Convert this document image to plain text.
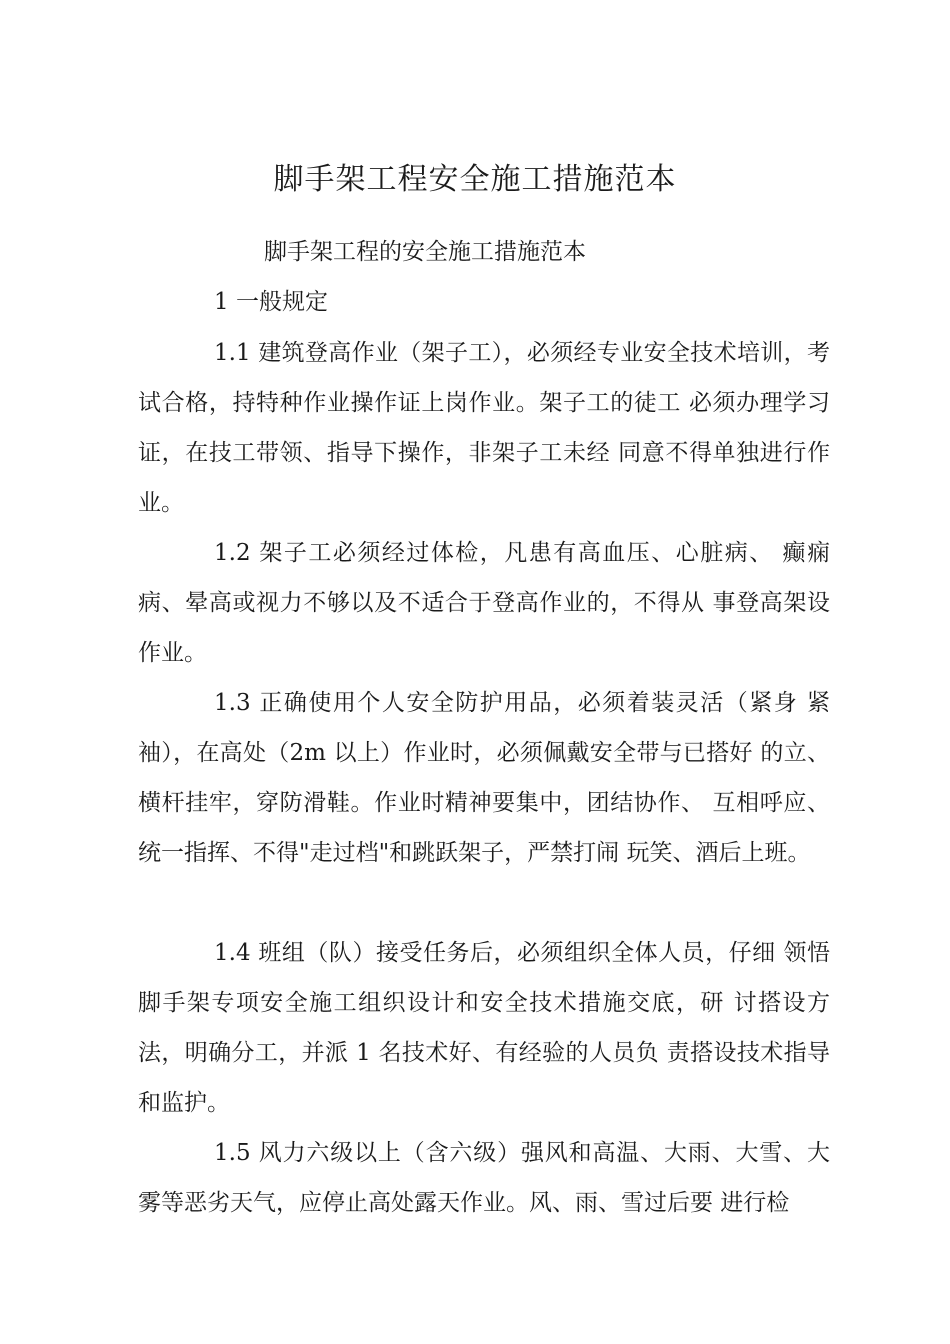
脚手架工程安全施工措施范本
脚手架工程的安全施工措施范本
1 一般规定

1.1 建筑登高作业（架子工），必须经专业安全技术培训，考试合格，持特种作业操作证上岗作业。架子工的徒工 必须办理学习证，在技工带领、指导下操作，非架子工未经 同意不得单独进行作业。

1.2 架子工必须经过体检，凡患有高血压、心脏病、 癫痫病、晕高或视力不够以及不适合于登高作业的，不得从 事登高架设作业。

1.3 正确使用个人安全防护用品，必须着装灵活（紧身 紧袖），在高处（2m 以上）作业时，必须佩戴安全带与已搭好 的立、横杆挂牢，穿防滑鞋。作业时精神要集中，团结协作、 互相呼应、统一指挥、不得"走过档"和跳跃架子，严禁打闹 玩笑、酒后上班。

1.4 班组（队）接受任务后，必须组织全体人员，仔细 领悟脚手架专项安全施工组织设计和安全技术措施交底，研 讨搭设方法，明确分工，并派 1 名技术好、有经验的人员负 责搭设技术指导和监护。

1.5 风力六级以上（含六级）强风和高温、大雨、大雪、大雾等恶劣天气，应停止高处露天作业。风、雨、雪过后要 进行检
